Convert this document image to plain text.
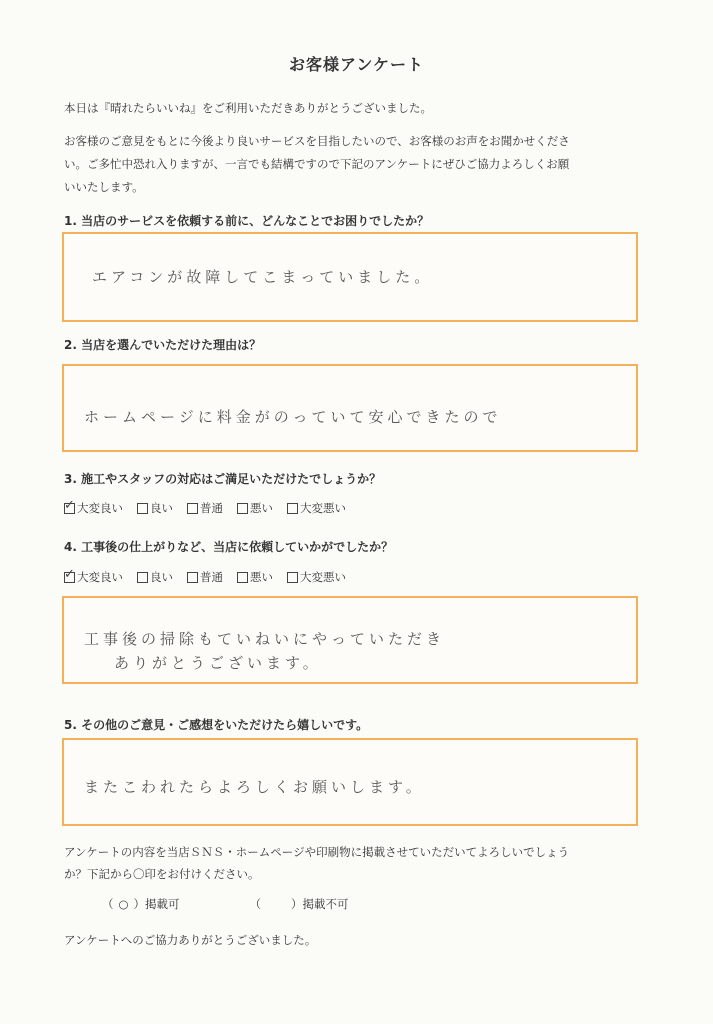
お客様アンケート
本日は『晴れたらいいね』をご利用いただきありがとうございました。
お客様のご意見をもとに今後より良いサービスを目指したいので、お客様のお声をお聞かせくださ
い。ご多忙中恐れ入りますが、一言でも結構ですので下記のアンケートにぜひご協力よろしくお願
いいたします。
1. 当店のサービスを依頼する前に、どんなことでお困りでしたか？
エアコンが故障してこまっていました。
2. 当店を選んでいただけた理由は？
ホームページに料金がのっていて安心できたので
3. 施工やスタッフの対応はご満足いただけたでしょうか？
✓
大変良い 良い 普通 悪い 大変悪い
4. 工事後の仕上がりなど、当店に依頼していかがでしたか？
✓
大変良い 良い 普通 悪い 大変悪い
工事後の掃除もていねいにやっていただき
ありがとうございます。
5. その他のご意見・ご感想をいただけたら嬉しいです。
またこわれたらよろしくお願いします。
アンケートの内容を当店ＳＮＳ・ホームページや印刷物に掲載させていただいてよろしいでしょう
か？下記から〇印をお付けください。
（ ○ ）掲載可	（	）掲載不可
アンケートへのご協力ありがとうございました。
